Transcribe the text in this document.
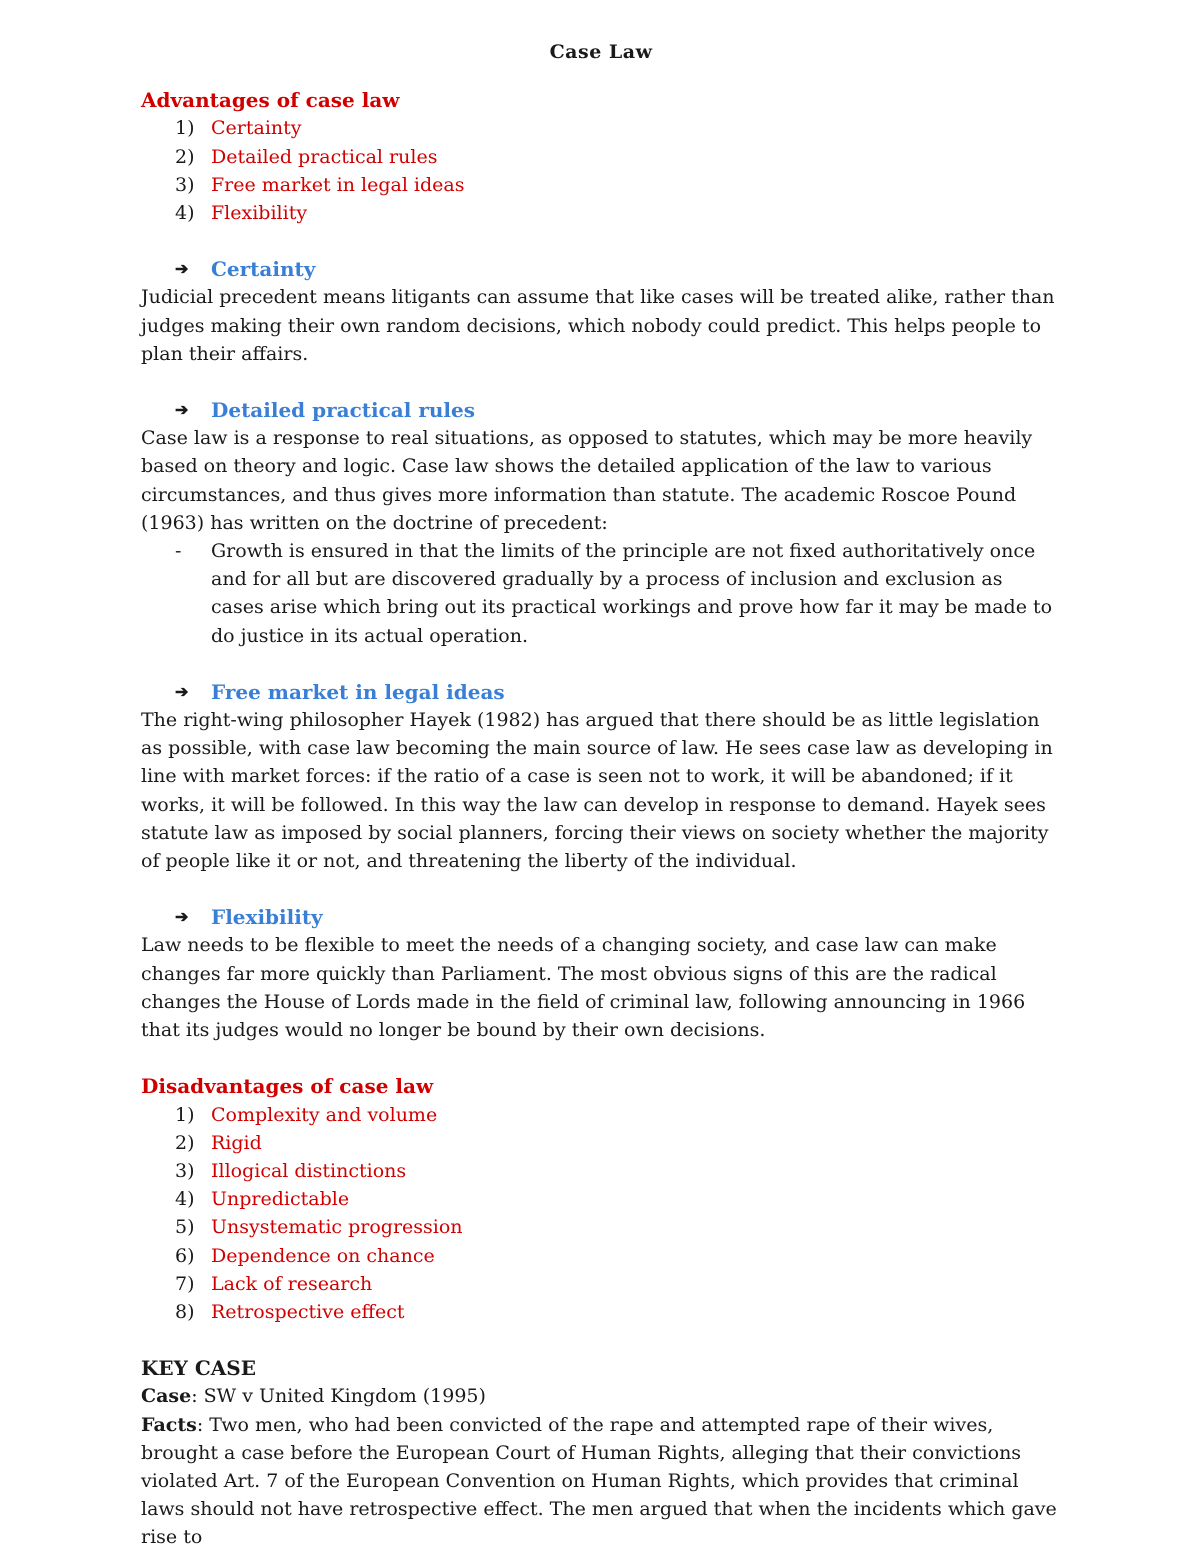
Case Law
Advantages of case law
1) Certainty
2) Detailed practical rules
3) Free market in legal ideas
4) Flexibility
➔	Certainty

Judicial precedent means litigants can assume that like cases will be treated alike, rather than judges making their own random decisions, which nobody could predict. This helps people to plan their affairs.

➔	Detailed practical rules

Case law is a response to real situations, as opposed to statutes, which may be more heavily based on theory and logic. Case law shows the detailed application of the law to various circumstances, and thus gives more information than statute. The academic Roscoe Pound (1963) has written on the doctrine of precedent:

-	Growth is ensured in that the limits of the principle are not fixed authoritatively once and for all but are discovered gradually by a process of inclusion and exclusion as cases arise which bring out its practical workings and prove how far it may be made to do justice in its actual operation.
➔	Free market in legal ideas

The right-wing philosopher Hayek (1982) has argued that there should be as little legislation as possible, with case law becoming the main source of law. He sees case law as developing in line with market forces: if the ratio of a case is seen not to work, it will be abandoned; if it works, it will be followed. In this way the law can develop in response to demand. Hayek sees statute law as imposed by social planners, forcing their views on society whether the majority of people like it or not, and threatening the liberty of the individual.

➔	Flexibility

Law needs to be flexible to meet the needs of a changing society, and case law can make changes far more quickly than Parliament. The most obvious signs of this are the radical changes the House of Lords made in the field of criminal law, following announcing in 1966 that its judges would no longer be bound by their own decisions.

Disadvantages of case law
1) Complexity and volume
2) Rigid
3) Illogical distinctions
4) Unpredictable
5) Unsystematic progression
6) Dependence on chance
7) Lack of research
8) Retrospective effect
KEY CASE

Case: SW v United Kingdom (1995)

Facts: Two men, who had been convicted of the rape and attempted rape of their wives, brought a case before the European Court of Human Rights, alleging that their convictions violated Art. 7 of the European Convention on Human Rights, which provides that criminal laws should not have retrospective effect. The men argued that when the incidents which gave rise to
